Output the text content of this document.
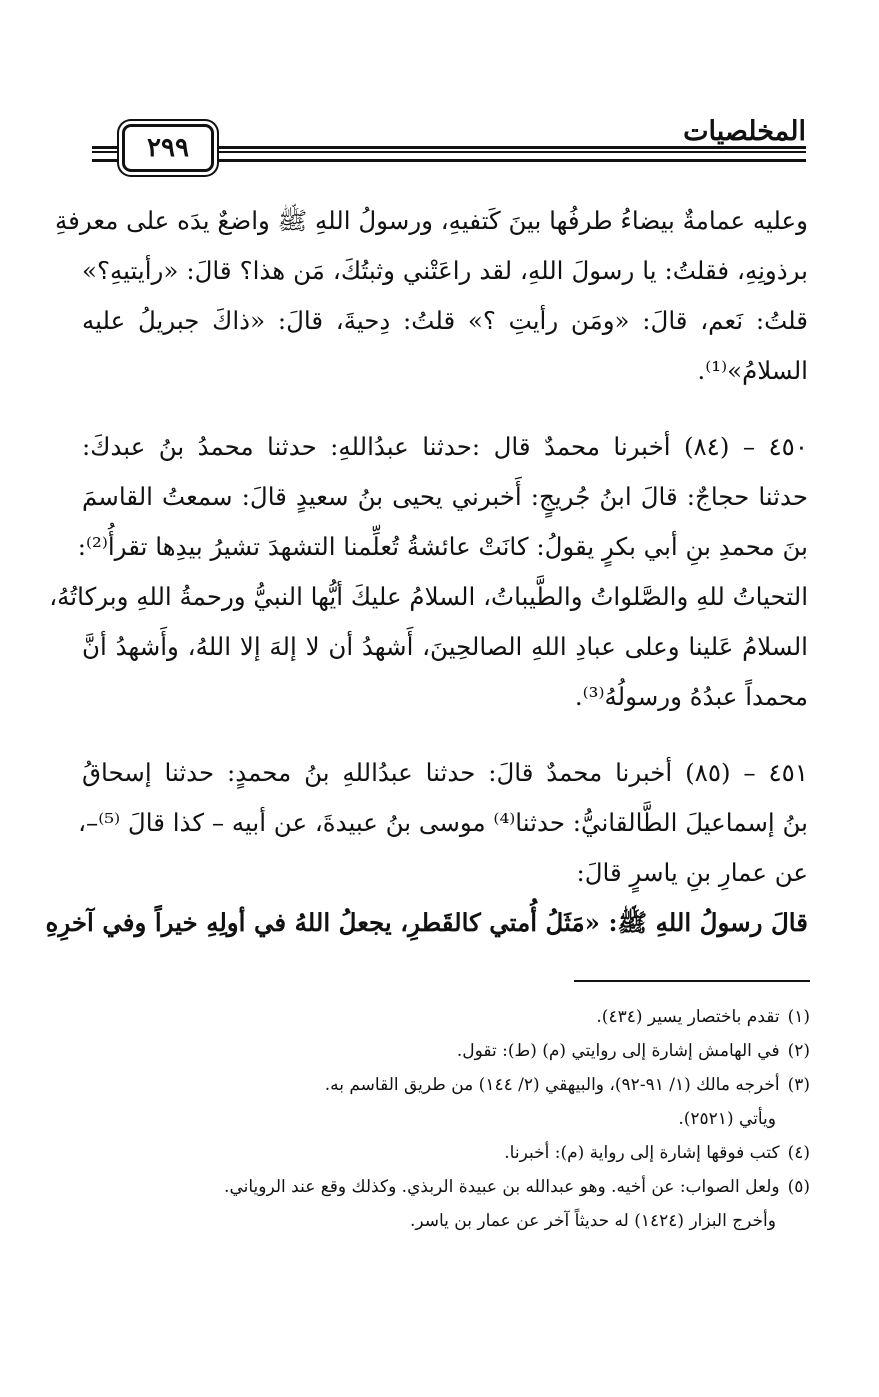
المخلصيات
٢٩٩
وعليه عمامةٌ بيضاءُ طرفُها بينَ كَتفيهِ، ورسولُ اللهِ ﷺ واضعٌ يدَه على معرفةِ
برذونِهِ، فقلتُ: يا رسولَ اللهِ، لقد راعَتْني وثبتُكَ، مَن هذا؟ قالَ: «رأيتيهِ؟»
قلتُ: نَعم، قالَ: «ومَن رأيتِ ؟» قلتُ: دِحيةَ، قالَ: «ذاكَ جبريلُ عليه
السلامُ»⁽¹⁾.
٤٥٠ – (٨٤) أخبرنا محمدٌ قال :حدثنا عبدُاللهِ: حدثنا محمدُ بنُ عبدكَ:
حدثنا حجاجٌ: قالَ ابنُ جُريجٍ: أَخبرني يحيى بنُ سعيدٍ قالَ: سمعتُ القاسمَ
بنَ محمدِ بنِ أبي بكرٍ يقولُ: كانَتْ عائشةُ تُعلِّمنا التشهدَ تشيرُ بيدِها تقرأُ⁽²⁾:
التحياتُ للهِ والصَّلواتُ والطَّيباتُ، السلامُ عليكَ أيُّها النبيُّ ورحمةُ اللهِ وبركاتُهُ،
السلامُ عَلينا وعلى عبادِ اللهِ الصالحِينَ، أَشهدُ أن لا إلهَ إلا اللهُ، وأَشهدُ أنَّ
محمداً عبدُهُ ورسولُهُ⁽³⁾.
٤٥١ – (٨٥) أخبرنا محمدٌ قالَ: حدثنا عبدُاللهِ بنُ محمدٍ: حدثنا إسحاقُ
بنُ إسماعيلَ الطَّالقانيُّ: حدثنا⁽⁴⁾ موسى بنُ عبيدةَ، عن أبيه – كذا قالَ ⁽⁵⁾–،
عن عمارِ بنِ ياسرٍ قالَ:
قالَ رسولُ اللهِ ﷺ: «مَثَلُ أُمتي كالقَطرِ، يجعلُ اللهُ في أولِهِ خيراً وفي آخرِهِ
(١)تقدم باختصار يسير (٤٣٤).
(٢)في الهامش إشارة إلى روايتي (م) (ط): تقول.
(٣)أخرجه مالك (١/ ٩١-٩٢)، والبيهقي (٢/ ١٤٤) من طريق القاسم به.
ويأتي (٢٥٢١).
(٤)كتب فوقها إشارة إلى رواية (م): أخبرنا.
(٥)ولعل الصواب: عن أخيه. وهو عبدالله بن عبيدة الربذي. وكذلك وقع عند الروياني.
وأخرج البزار (١٤٢٤) له حديثاً آخر عن عمار بن ياسر.
